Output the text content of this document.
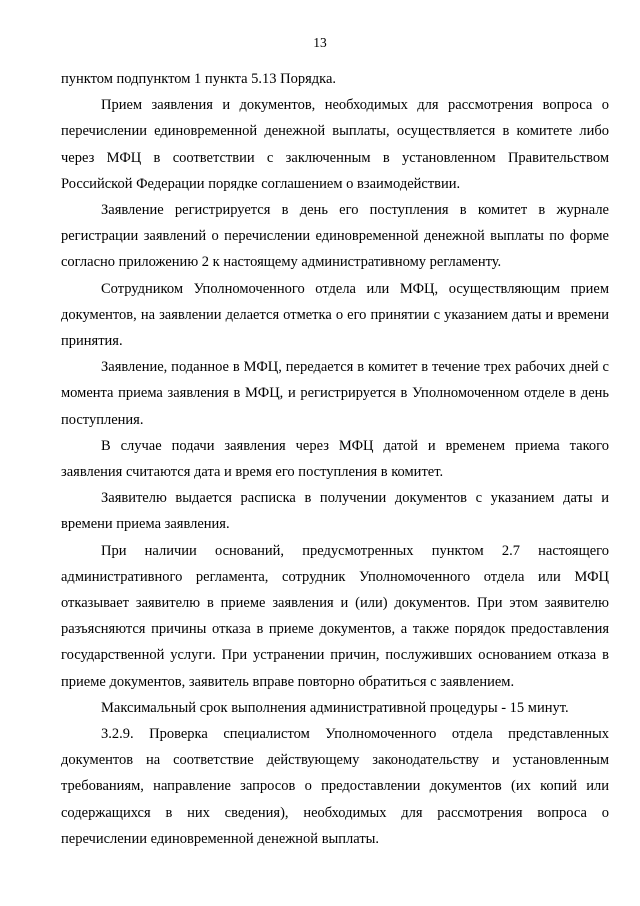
13

пунктом подпунктом 1 пункта 5.13 Порядка.

Прием заявления и документов, необходимых для рассмотрения вопроса о перечислении единовременной денежной выплаты, осуществляется в комитете либо через МФЦ в соответствии с заключенным в установленном Правительством Российской Федерации порядке соглашением о взаимодействии.

Заявление регистрируется в день его поступления в комитет в журнале регистрации заявлений о перечислении единовременной денежной выплаты по форме согласно приложению 2 к настоящему административному регламенту.

Сотрудником Уполномоченного отдела или МФЦ, осуществляющим прием документов, на заявлении делается отметка о его принятии с указанием даты и времени принятия.

Заявление, поданное в МФЦ, передается в комитет в течение трех рабочих дней с момента приема заявления в МФЦ, и регистрируется в Уполномоченном отделе в день поступления.

В случае подачи заявления через МФЦ датой и временем приема такого заявления считаются дата и время его поступления в комитет.

Заявителю выдается расписка в получении документов с указанием даты и времени приема заявления.

При наличии оснований, предусмотренных пунктом 2.7 настоящего административного регламента, сотрудник Уполномоченного отдела или МФЦ отказывает заявителю в приеме заявления и (или) документов. При этом заявителю разъясняются причины отказа в приеме документов, а также порядок предоставления государственной услуги. При устранении причин, послуживших основанием отказа в приеме документов, заявитель вправе повторно обратиться с заявлением.

Максимальный срок выполнения административной процедуры - 15 минут.

3.2.9. Проверка специалистом Уполномоченного отдела представленных документов на соответствие действующему законодательству и установленным требованиям, направление запросов о предоставлении документов (их копий или содержащихся в них сведения), необходимых для рассмотрения вопроса о перечислении единовременной денежной выплаты.
